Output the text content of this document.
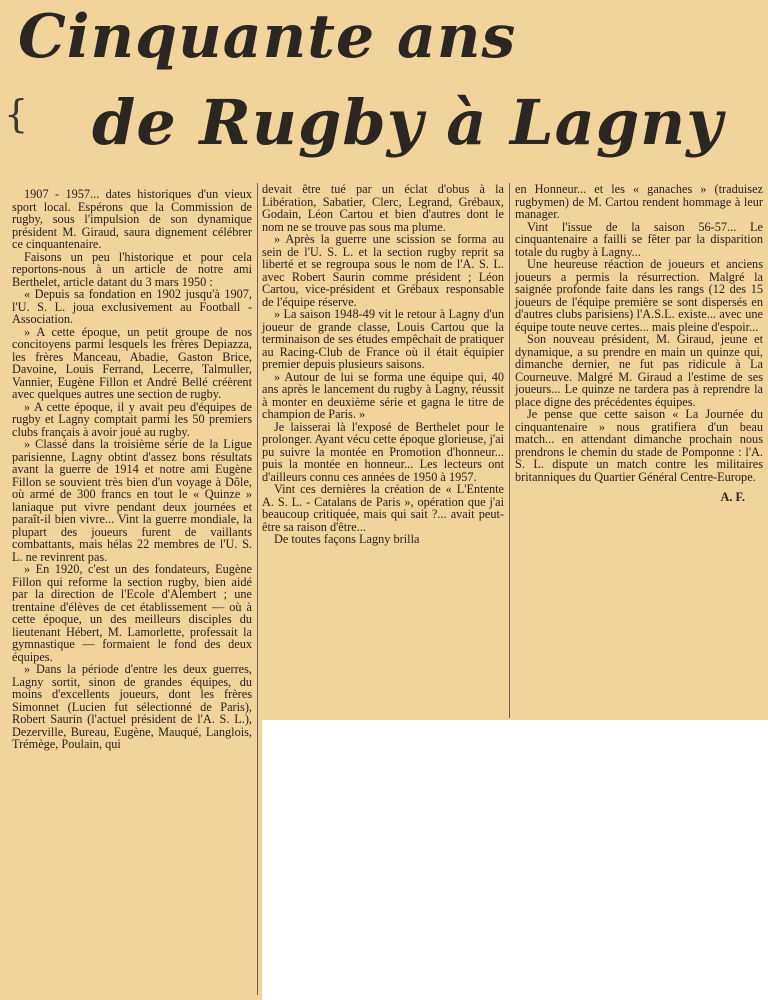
Cinquante ans
{ de Rugby à Lagny

1907 - 1957... dates historiques d'un vieux sport local. Espérons que la Commission de rugby, sous l'impulsion de son dynamique président M. Giraud, saura dignement célébrer ce cinquantenaire.

Faisons un peu l'historique et pour cela reportons-nous à un article de notre ami Berthelet, article datant du 3 mars 1950 :

« Depuis sa fondation en 1902 jusqu'à 1907, l'U. S. L. joua exclusivement au Football - Association.

» A cette époque, un petit groupe de nos concitoyens parmi lesquels les frères Depiazza, les frères Manceau, Abadie, Gaston Brice, Davoine, Louis Ferrand, Lecerre, Talmuller, Vannier, Eugène Fillon et André Bellé créèrent avec quelques autres une section de rugby.

» A cette époque, il y avait peu d'équipes de rugby et Lagny comptait parmi les 50 premiers clubs français à avoir joué au rugby.

» Classé dans la troisième série de la Ligue parisienne, Lagny obtint d'assez bons résultats avant la guerre de 1914 et notre ami Eugène Fillon se souvient très bien d'un voyage à Dôle, où armé de 300 francs en tout le « Quinze » laniaque put vivre pendant deux journées et paraît-il bien vivre... Vint la guerre mondiale, la plupart des joueurs furent de vaillants combattants, mais hélas 22 membres de l'U. S. L. ne revinrent pas.

» En 1920, c'est un des fondateurs, Eugène Fillon qui reforme la section rugby, bien aidé par la direction de l'Ecole d'Alembert ; une trentaine d'élèves de cet établissement — où à cette époque, un des meilleurs disciples du lieutenant Hébert, M. Lamorlette, professait la gymnastique — formaient le fond des deux équipes.

» Dans la période d'entre les deux guerres, Lagny sortit, sinon de grandes équipes, du moins d'excellents joueurs, dont les frères Simonnet (Lucien fut sélectionné de Paris), Robert Saurin (l'actuel président de l'A. S. L.), Dezerville, Bureau, Eugène, Mauqué, Langlois, Trémège, Poulain, qui

devait être tué par un éclat d'obus à la Libération, Sabatier, Clerc, Legrand, Grébaux, Godain, Léon Cartou et bien d'autres dont le nom ne se trouve pas sous ma plume.

» Après la guerre une scission se forma au sein de l'U. S. L. et la section rugby reprit sa liberté et se regroupa sous le nom de l'A. S. L. avec Robert Saurin comme président ; Léon Cartou, vice-président et Grébaux responsable de l'équipe réserve.

» La saison 1948-49 vit le retour à Lagny d'un joueur de grande classe, Louis Cartou que la terminaison de ses études empêchait de pratiquer au Racing-Club de France où il était équipier premier depuis plusieurs saisons.

» Autour de lui se forma une équipe qui, 40 ans après le lancement du rugby à Lagny, réussit à monter en deuxième série et gagna le titre de champion de Paris. »

Je laisserai là l'exposé de Berthelet pour le prolonger. Ayant vécu cette époque glorieuse, j'ai pu suivre la montée en Promotion d'honneur... puis la montée en honneur... Les lecteurs ont d'ailleurs connu ces années de 1950 à 1957.

Vint ces dernières la création de « L'Entente A. S. L. - Catalans de Paris », opération que j'ai beaucoup critiquée, mais qui sait ?... avait peut-être sa raison d'être...

De toutes façons Lagny brilla

en Honneur... et les « ganaches » (traduisez rugbymen) de M. Cartou rendent hommage à leur manager.

Vint l'issue de la saison 56-57... Le cinquantenaire a failli se fêter par la disparition totale du rugby à Lagny...

Une heureuse réaction de joueurs et anciens joueurs a permis la résurrection. Malgré la saignée profonde faite dans les rangs (12 des 15 joueurs de l'équipe première se sont dispersés en d'autres clubs parisiens) l'A.S.L. existe... avec une équipe toute neuve certes... mais pleine d'espoir...

Son nouveau président, M. Giraud, jeune et dynamique, a su prendre en main un quinze qui, dimanche dernier, ne fut pas ridicule à La Courneuve. Malgré M. Giraud a l'estime de ses joueurs... Le quinze ne tardera pas à reprendre la place digne des précédentes équipes.

Je pense que cette saison « La Journée du cinquantenaire » nous gratifiera d'un beau match... en attendant dimanche prochain nous prendrons le chemin du stade de Pomponne : l'A. S. L. dispute un match contre les militaires britanniques du Quartier Général Centre-Europe.

A. F.
